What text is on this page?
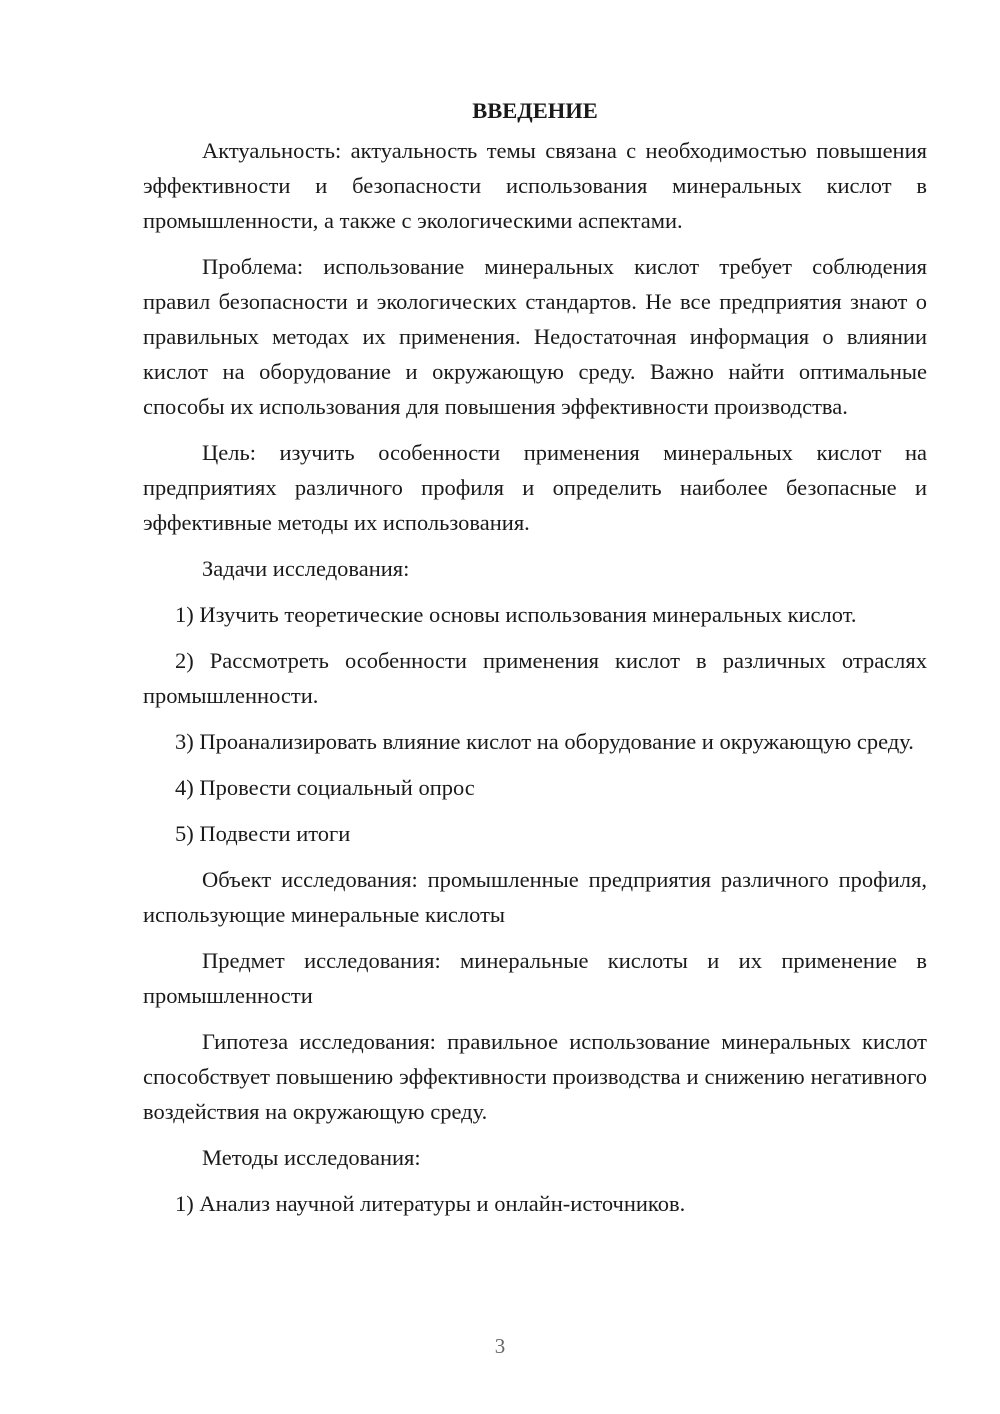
ВВЕДЕНИЕ

Актуальность: актуальность темы связана с необходимостью повышения эффективности и безопасности использования минеральных кислот в промышленности, а также с экологическими аспектами.

Проблема: использование минеральных кислот требует соблюдения правил безопасности и экологических стандартов. Не все предприятия знают о правильных методах их применения. Недостаточная информация о влиянии кислот на оборудование и окружающую среду. Важно найти оптимальные способы их использования для повышения эффективности производства.

Цель: изучить особенности применения минеральных кислот на предприятиях различного профиля и определить наиболее безопасные и эффективные методы их использования.

Задачи исследования:

1) Изучить теоретические основы использования минеральных кислот.

2) Рассмотреть особенности применения кислот в различных отраслях промышленности.

3) Проанализировать влияние кислот на оборудование и окружающую среду.

4) Провести социальный опрос

5) Подвести итоги

Объект исследования: промышленные предприятия различного профиля, использующие минеральные кислоты

Предмет исследования: минеральные кислоты и их применение в промышленности

Гипотеза исследования: правильное использование минеральных кислот способствует повышению эффективности производства и снижению негативного воздействия на окружающую среду.

Методы исследования:

1) Анализ научной литературы и онлайн-источников.

3
